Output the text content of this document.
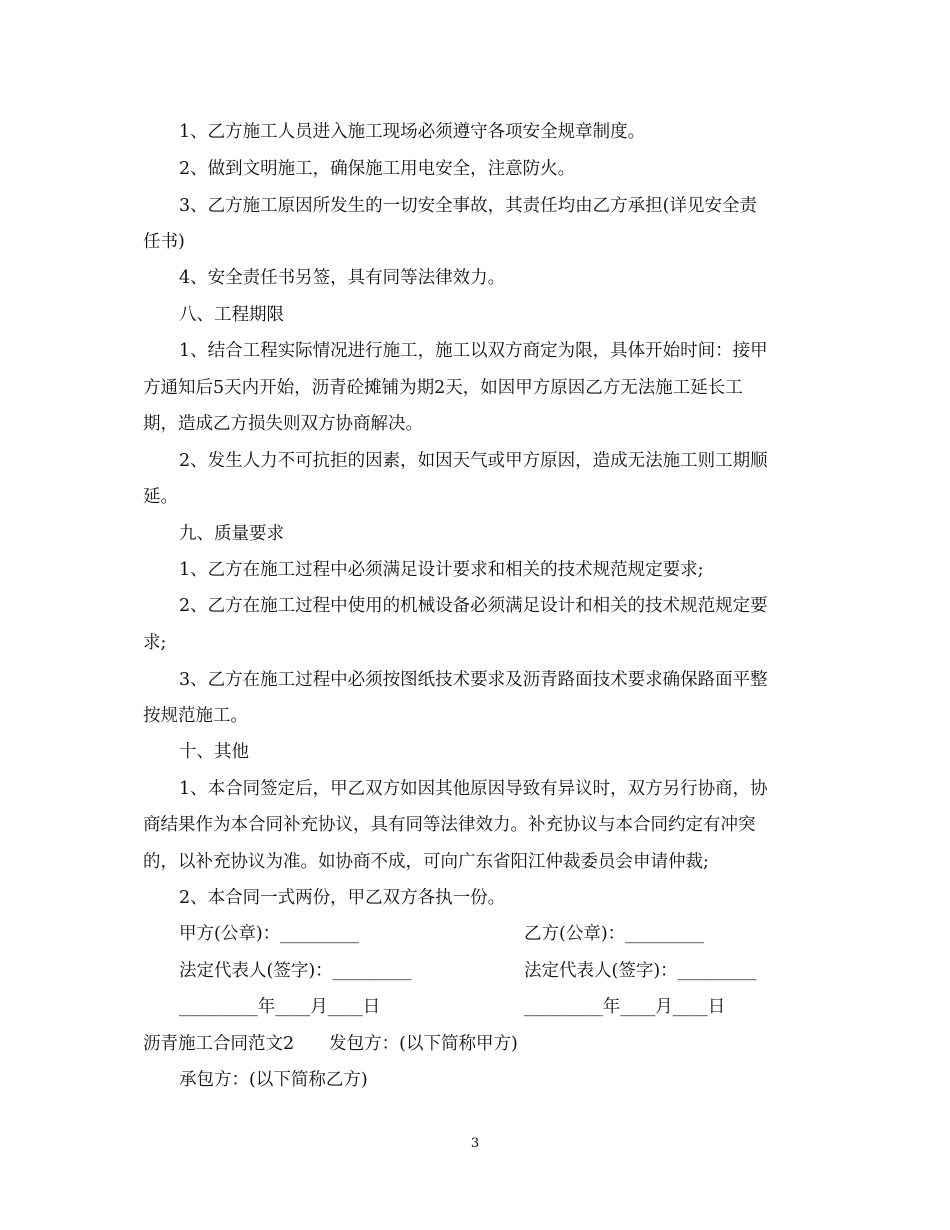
1、乙方施工人员进入施工现场必须遵守各项安全规章制度。
2、做到文明施工，确保施工用电安全，注意防火。
3、乙方施工原因所发生的一切安全事故，其责任均由乙方承担(详见安全责
任书)
4、安全责任书另签，具有同等法律效力。
八、工程期限
1、结合工程实际情况进行施工，施工以双方商定为限，具体开始时间：接甲
方通知后5天内开始，沥青砼摊铺为期2天，如因甲方原因乙方无法施工延长工
期，造成乙方损失则双方协商解决。
2、发生人力不可抗拒的因素，如因天气或甲方原因，造成无法施工则工期顺
延。
九、质量要求
1、乙方在施工过程中必须满足设计要求和相关的技术规范规定要求;
2、乙方在施工过程中使用的机械设备必须满足设计和相关的技术规范规定要
求;
3、乙方在施工过程中必须按图纸技术要求及沥青路面技术要求确保路面平整
按规范施工。
十、其他
1、本合同签定后，甲乙双方如因其他原因导致有异议时，双方另行协商，协
商结果作为本合同补充协议，具有同等法律效力。补充协议与本合同约定有冲突
的，以补充协议为准。如协商不成，可向广东省阳江仲裁委员会申请仲裁;
2、本合同一式两份，甲乙双方各执一份。
甲方(公章)：_________	乙方(公章)：_________
法定代表人(签字)：_________	法定代表人(签字)：_________
_________年____月____日	_________年____月____日
沥青施工合同范文2　　发包方：(以下简称甲方)
承包方：(以下简称乙方)
3
